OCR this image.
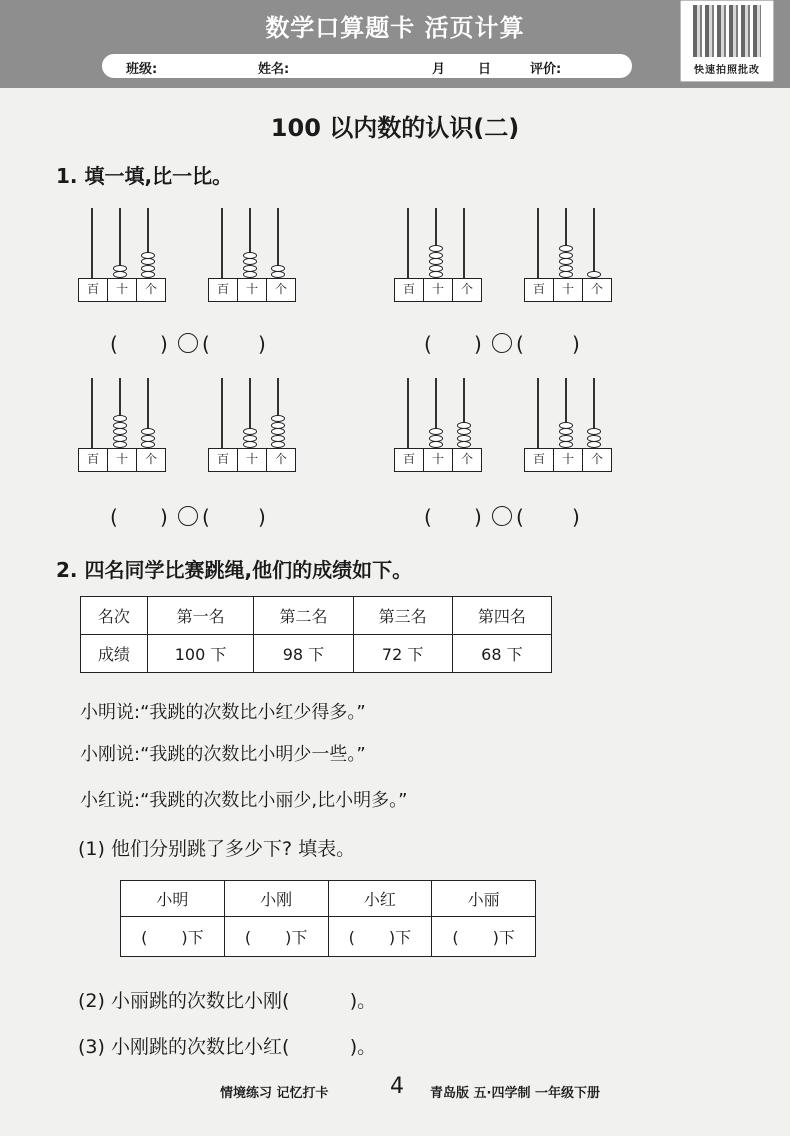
数学口算题卡 活页计算
班级:	姓名:	月	日	评价:	快速拍照批改
100 以内数的认识(二)
1. 填一填,比一比。
百	十	个	百	十	个	百	十	个	百	十	个
百	十	个	百	十	个	百	十	个	百	十	个
( ) ( )	( ) ( )
( ) ( )	( ) ( )
2. 四名同学比赛跳绳,他们的成绩如下。
名次	第一名	第二名	第三名	第四名
成绩	100 下	98 下	72 下	68 下
小明说:“我跳的次数比小红少得多。”
小刚说:“我跳的次数比小明少一些。”
小红说:“我跳的次数比小丽少,比小明多。”
(1) 他们分别跳了多少下? 填表。
小明	小刚	小红	小丽
( )下	( )下	( )下	( )下
(2) 小丽跳的次数比小刚(          )。
(3) 小刚跳的次数比小红(          )。
情境练习 记忆打卡	4 青岛版 五·四学制 一年级下册
